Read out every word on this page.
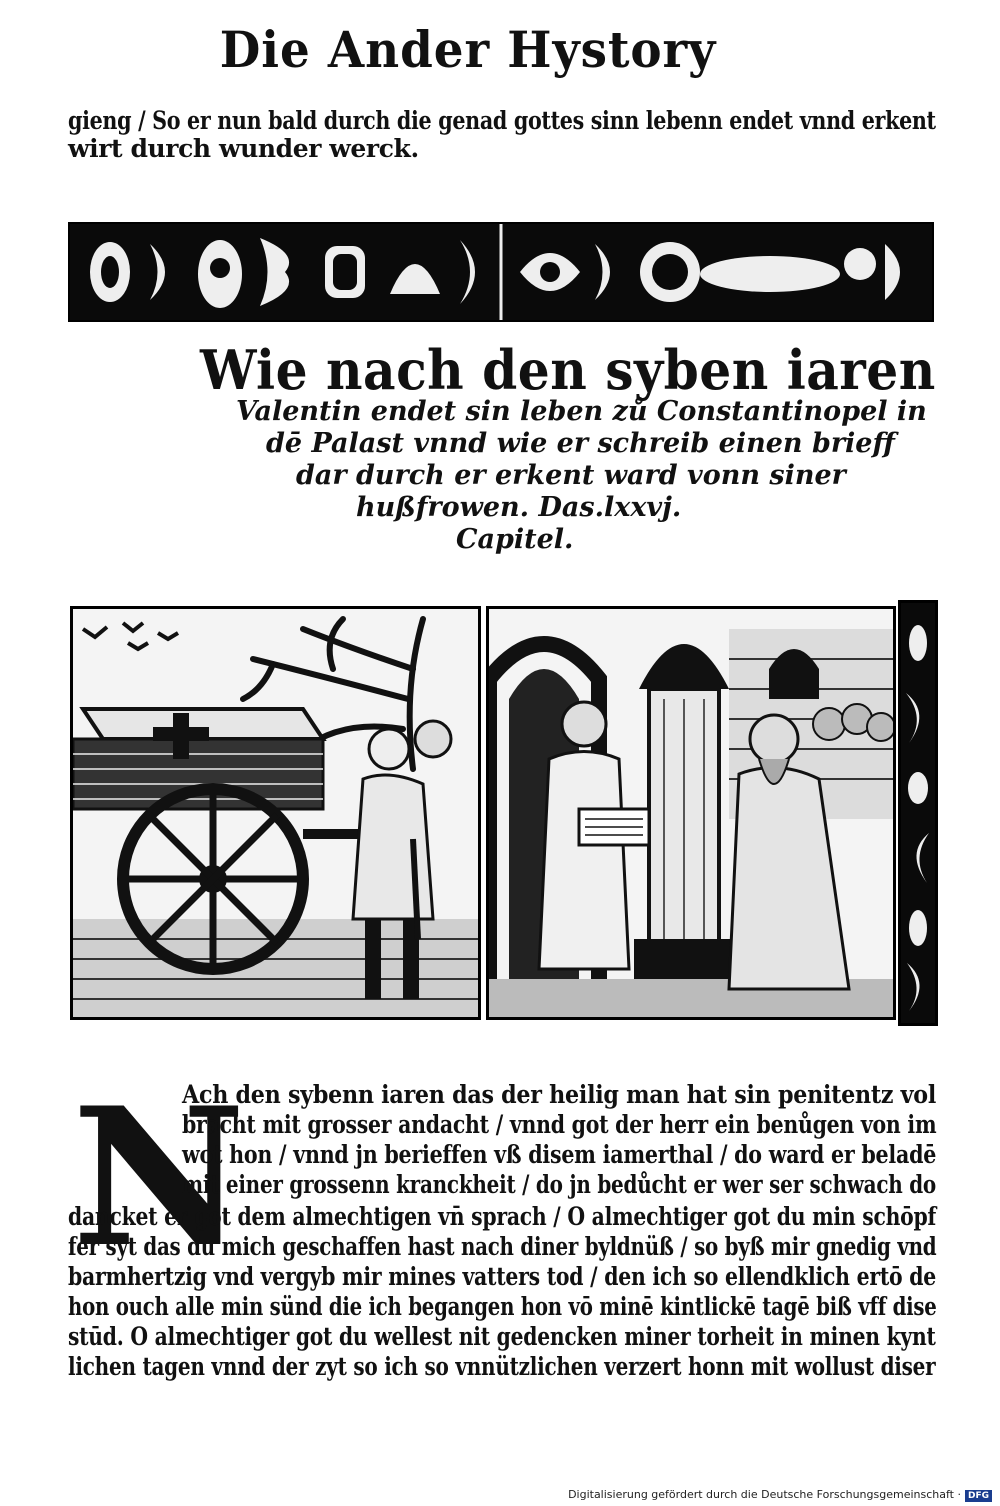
Die Ander Hystory
gieng / So er nun bald durch die genad gottes sinn lebenn endet vnnd erkent
wirt durch wunder werck.
Wie nach den syben iaren
Valentin endet sin leben zů Constantinopel in
dē Palast vnnd wie er schreib einen brieff
dar durch er erkent ward vonn siner
hußfrowen. Das.lxxvj.
Capitel.
N
Ach den sybenn iaren das der heilig man hat sin penitentz vol
bracht mit grosser andacht / vnnd got der herr ein benůgen von im
wot hon / vnnd jn berieffen vß disem iamerthal / do ward er beladē
mit einer grossenn kranckheit / do jn bedůcht er wer ser schwach do
dancket er got dem almechtigen vn̄ sprach / O almechtiger got du min schōpf
fer syt das du mich geschaffen hast nach diner byldnüß / so byß mir gnedig vnd
barmhertzig vnd vergyb mir mines vatters tod / den ich so ellendklich ertō de
hon ouch alle min sünd die ich begangen hon vō minē kintlickē tagē biß vff dise
stūd. O almechtiger got du wellest nit gedencken miner torheit in minen kynt
lichen tagen vnnd der zyt so ich so vnnützlichen verzert honn mit wollust diser
Digitalisierung gefördert durch die Deutsche Forschungsgemeinschaft · DFG
